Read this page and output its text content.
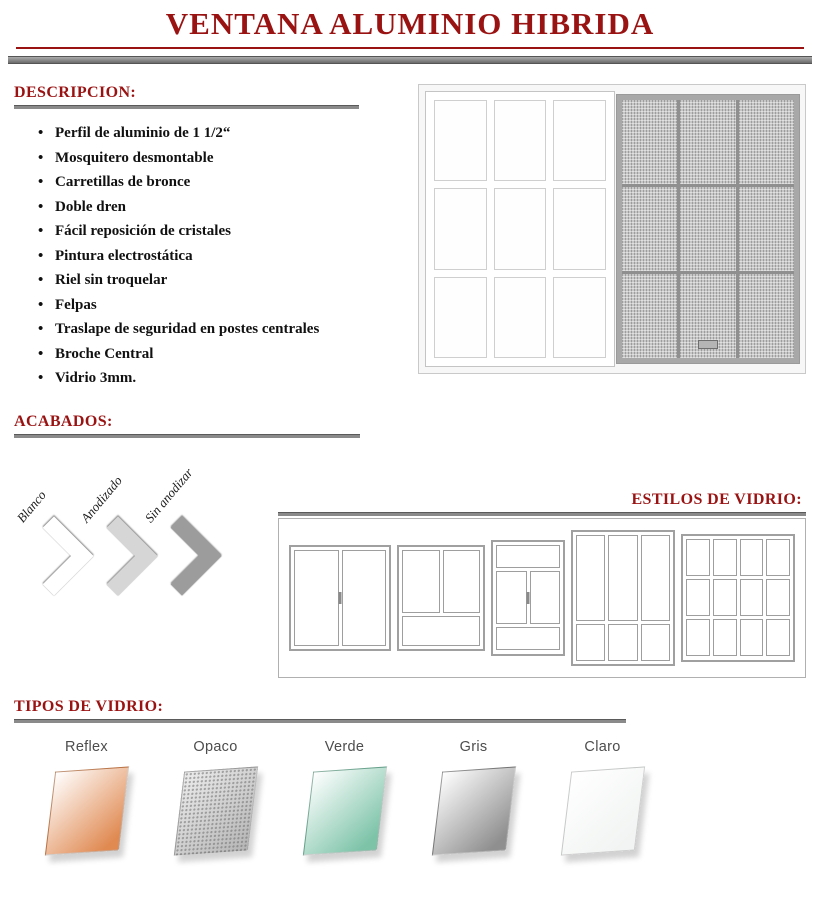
VENTANA ALUMINIO HIBRIDA
DESCRIPCION:
• Perfil de aluminio de 1 1/2“
• Mosquitero desmontable
• Carretillas de bronce
• Doble dren
• Fácil reposición de cristales
• Pintura electrostática
• Riel sin troquelar
• Felpas
• Traslape de seguridad en postes centrales
• Broche Central
• Vidrio 3mm.
ACABADOS:
Blanco Anodizado Sin anodizar	ESTILOS DE VIDRIO:
TIPOS DE VIDRIO:
Reflex	Opaco	Verde	Gris	Claro
